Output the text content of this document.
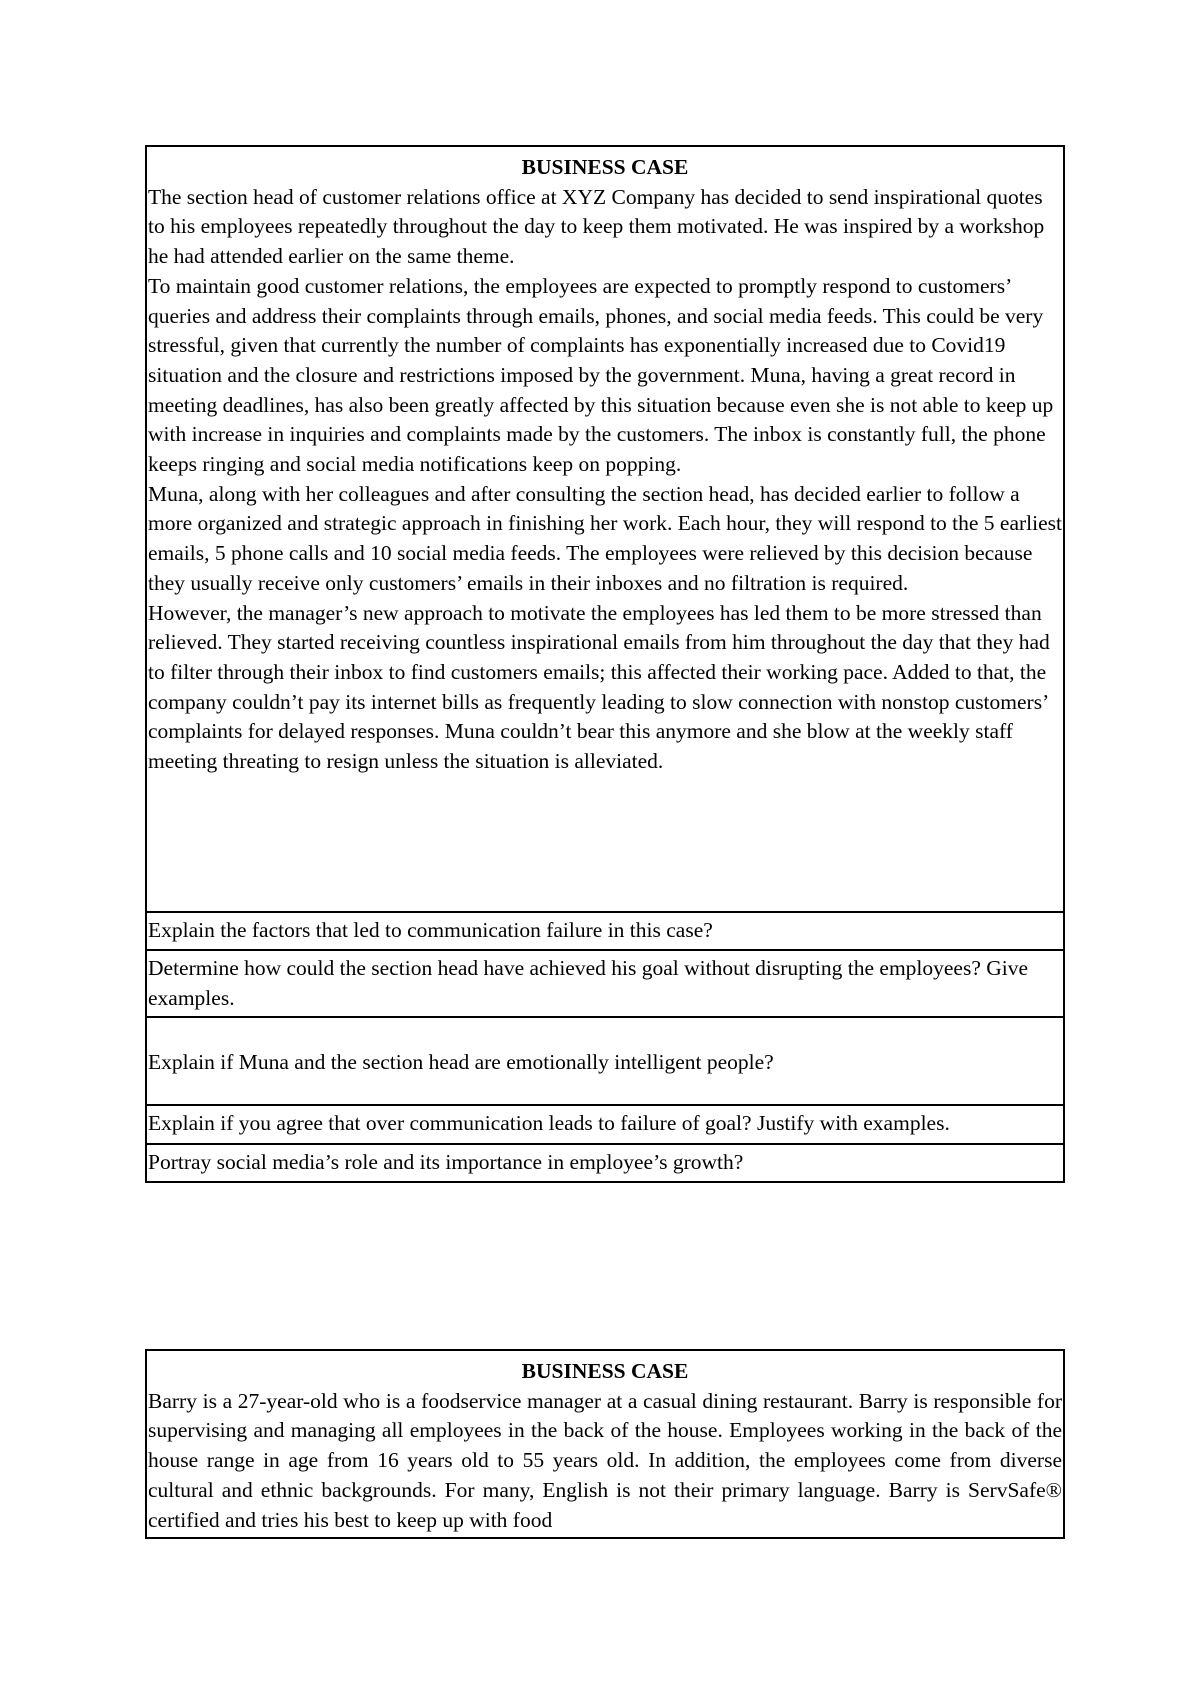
BUSINESS CASE
The section head of customer relations office at XYZ Company has decided to send inspirational quotes to his employees repeatedly throughout the day to keep them motivated. He was inspired by a workshop he had attended earlier on the same theme.
To maintain good customer relations, the employees are expected to promptly respond to customers’ queries and address their complaints through emails, phones, and social media feeds. This could be very stressful, given that currently the number of complaints has exponentially increased due to Covid19 situation and the closure and restrictions imposed by the government. Muna, having a great record in meeting deadlines, has also been greatly affected by this situation because even she is not able to keep up with increase in inquiries and complaints made by the customers. The inbox is constantly full, the phone keeps ringing and social media notifications keep on popping.
Muna, along with her colleagues and after consulting the section head, has decided earlier to follow a more organized and strategic approach in finishing her work. Each hour, they will respond to the 5 earliest emails, 5 phone calls and 10 social media feeds. The employees were relieved by this decision because they usually receive only customers’ emails in their inboxes and no filtration is required.
However, the manager’s new approach to motivate the employees has led them to be more stressed than relieved. They started receiving countless inspirational emails from him throughout the day that they had to filter through their inbox to find customers emails; this affected their working pace. Added to that, the company couldn’t pay its internet bills as frequently leading to slow connection with nonstop customers’ complaints for delayed responses. Muna couldn’t bear this anymore and she blow at the weekly staff meeting threating to resign unless the situation is alleviated.

Explain the factors that led to communication failure in this case?
Determine how could the section head have achieved his goal without disrupting the employees? Give examples.
Explain if Muna and the section head are emotionally intelligent people?
Explain if you agree that over communication leads to failure of goal? Justify with examples.
Portray social media’s role and its importance in employee’s growth?
BUSINESS CASE
Barry is a 27-year-old who is a foodservice manager at a casual dining restaurant. Barry is responsible for supervising and managing all employees in the back of the house. Employees working in the back of the house range in age from 16 years old to 55 years old. In addition, the employees come from diverse cultural and ethnic backgrounds. For many, English is not their primary language. Barry is ServSafe® certified and tries his best to keep up with food
